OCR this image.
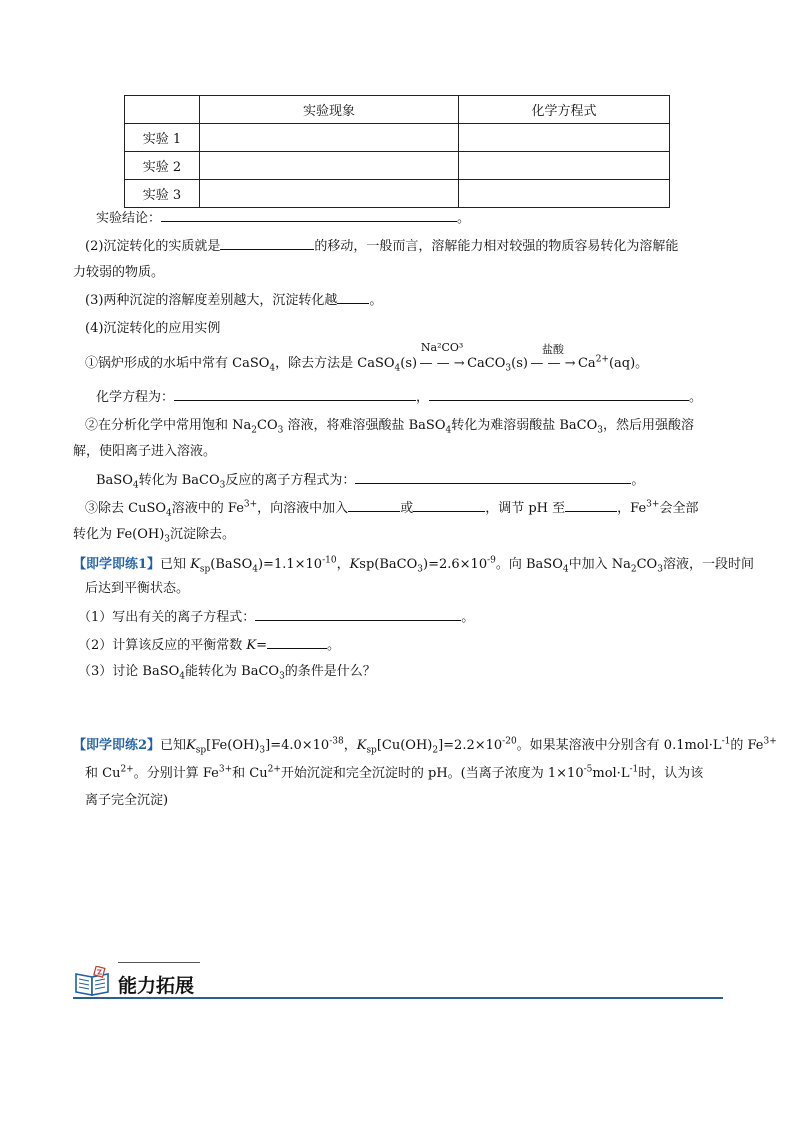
	实验现象	化学方程式
实验 1		
实验 2		
实验 3		
实验结论：	。
(2)沉淀转化的实质就是	的移动，一般而言，溶解能力相对较强的物质容易转化为溶解能
力较弱的物质。
(3)两种沉淀的溶解度差别越大，沉淀转化越 。
(4)沉淀转化的应用实例
①锅炉形成的水垢中常有 CaSO$_4$，除去方法是 CaSO$_4$(s)
Na²CO³
— — → CaCO$_3$(s)
盐酸
— — → $Ca^{2+}(aq)$。
化学方程为：	，	。
②在分析化学中常用饱和 $Na_2CO_3$ 溶液，将难溶强酸盐 BaSO$_4$转化为难溶弱酸盐 BaCO$_3$，然后用强酸溶
解，使阳离子进入溶液。
BaSO$_4$转化为 BaCO$_3$反应的离子方程式为：	。
③除去 CuSO$_4$溶液中的 $Fe^{3+}$，向溶液中加入	或	，调节 pH 至	，$Fe^{3+}$会全部
转化为 $Fe(OH)_3$沉淀除去。
【即学即练1】已知 $K_{sp}(BaSO_4)=1.1\times 10^{-10}$，$Ksp(BaCO_3)=2.6\times 10^{-9}$。向 BaSO$_4$中加入 $Na_2CO_3$溶液，一段时间
后达到平衡状态。
（1）写出有关的离子方程式：	。
（2）计算该反应的平衡常数 K=	。
（3）讨论 BaSO$_4$能转化为 BaCO$_3$的条件是什么？
【即学即练2】已知$K_{sp}[Fe(OH)_3]=4.0\times 10^{-38}$，$K_{sp}[Cu(OH)_2]=2.2\times 10^{-20}$。如果某溶液中分别含有 $0.1mol\cdot L^{-1}$的 $Fe^{3+}$
和 $Cu^{2+}$。分别计算 $Fe^{3+}$和 $Cu^{2+}$开始沉淀和完全沉淀时的 pH。(当离子浓度为 $1\times 10^{-5}mol\cdot L^{-1}$时，认为该
离子完全沉淀)
能力拓展
